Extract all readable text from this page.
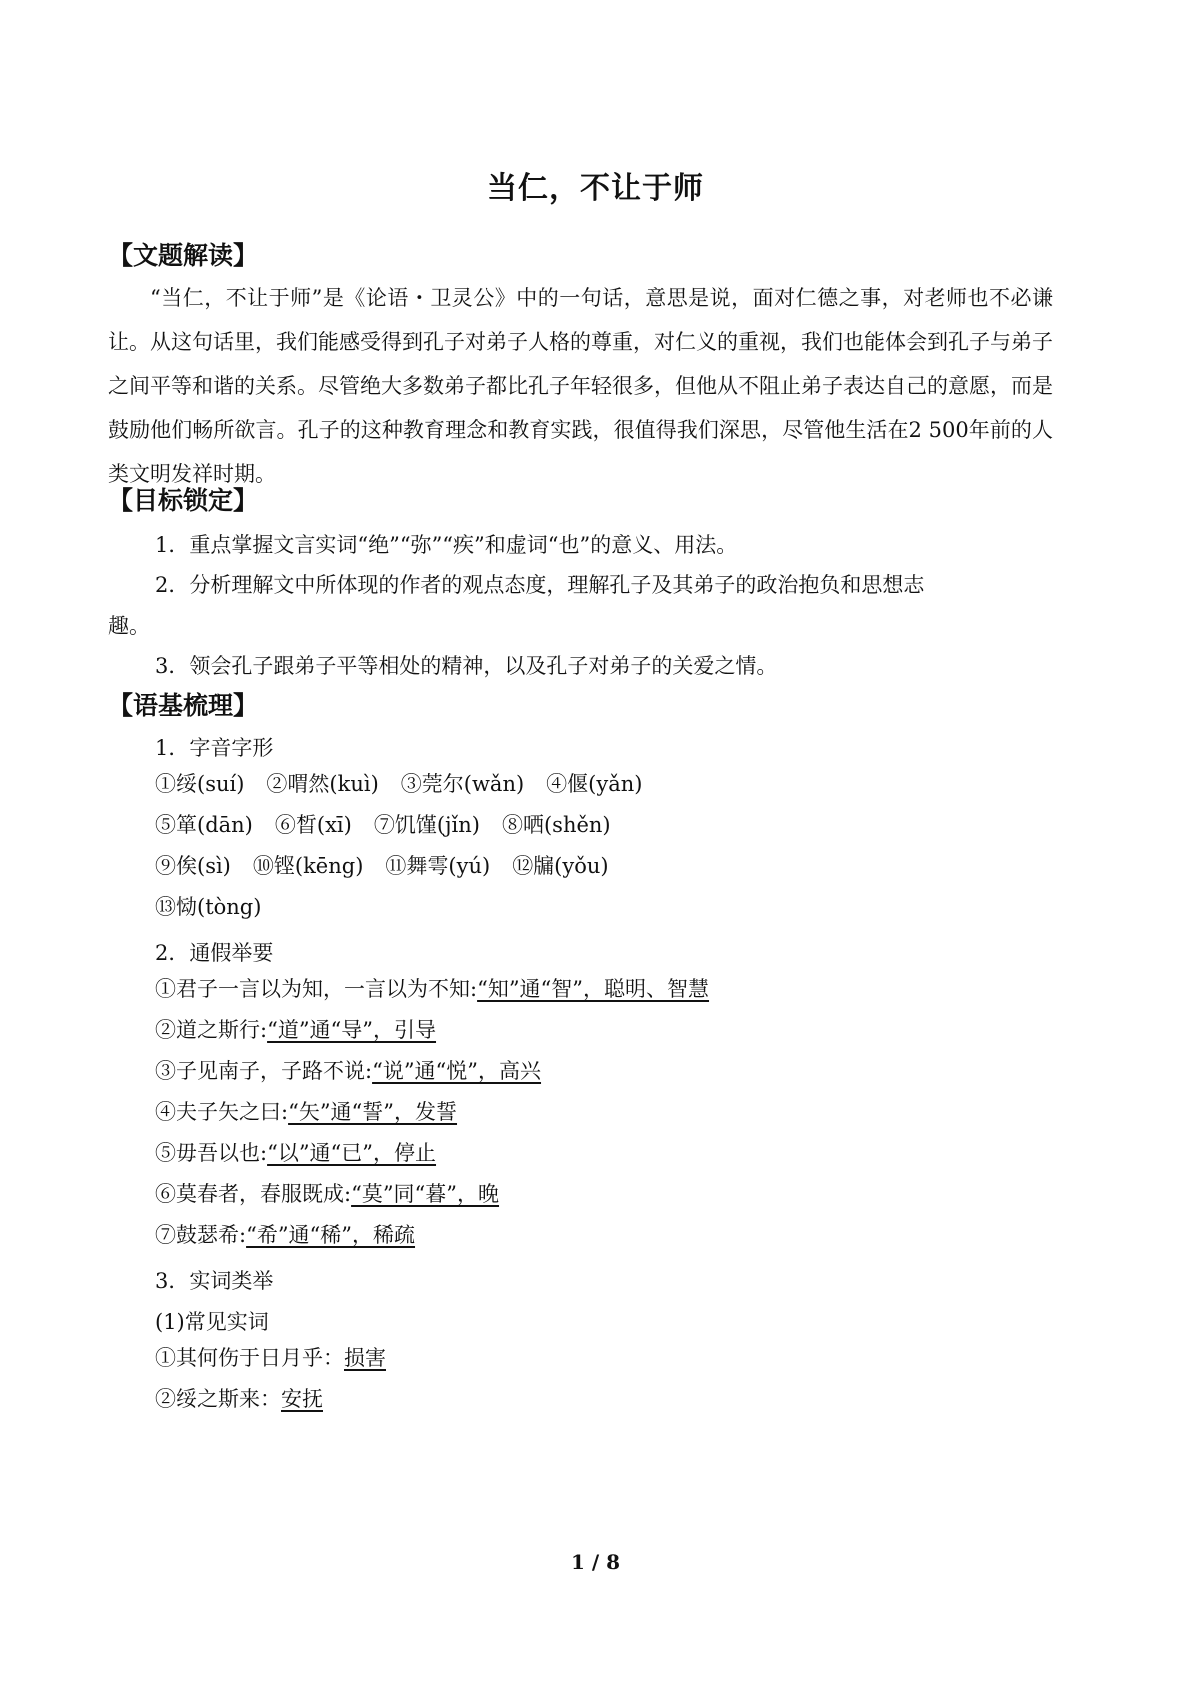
当仁，不让于师
【文题解读】
“当仁，不让于师”是《论语・卫灵公》中的一句话，意思是说，面对仁德之事，对老师也不必谦让。从这句话里，我们能感受得到孔子对弟子人格的尊重，对仁义的重视，我们也能体会到孔子与弟子之间平等和谐的关系。尽管绝大多数弟子都比孔子年轻很多，但他从不阻止弟子表达自己的意愿，而是鼓励他们畅所欲言。孔子的这种教育理念和教育实践，很值得我们深思，尽管他生活在2 500年前的人类文明发祥时期。
【目标锁定】
1．重点掌握文言实词“绝”“弥”“疾”和虚词“也”的意义、用法。
2．分析理解文中所体现的作者的观点态度，理解孔子及其弟子的政治抱负和思想志
趣。
3．领会孔子跟弟子平等相处的精神，以及孔子对弟子的关爱之情。
【语基梳理】
1．字音字形
①绥(suí) ②喟然(kuì) ③莞尔(wǎn) ④偃(yǎn)
⑤箪(dān) ⑥晳(xī) ⑦饥馑(jǐn) ⑧哂(shěn)
⑨俟(sì) ⑩铿(kēng) ⑪舞雩(yú) ⑫牖(yǒu)
⑬恸(tòng)
2．通假举要
①君子一言以为知，一言以为不知:“知”通“智”，聪明、智慧
②道之斯行:“道”通“导”，引导
③子见南子，子路不说:“说”通“悦”，高兴
④夫子矢之曰:“矢”通“誓”，发誓
⑤毋吾以也:“以”通“已”，停止
⑥莫春者，春服既成:“莫”同“暮”，晚
⑦鼓瑟希:“希”通“稀”，稀疏
3．实词类举
(1)常见实词
①其何伤于日月乎：损害
②绥之斯来：安抚
1 / 8
